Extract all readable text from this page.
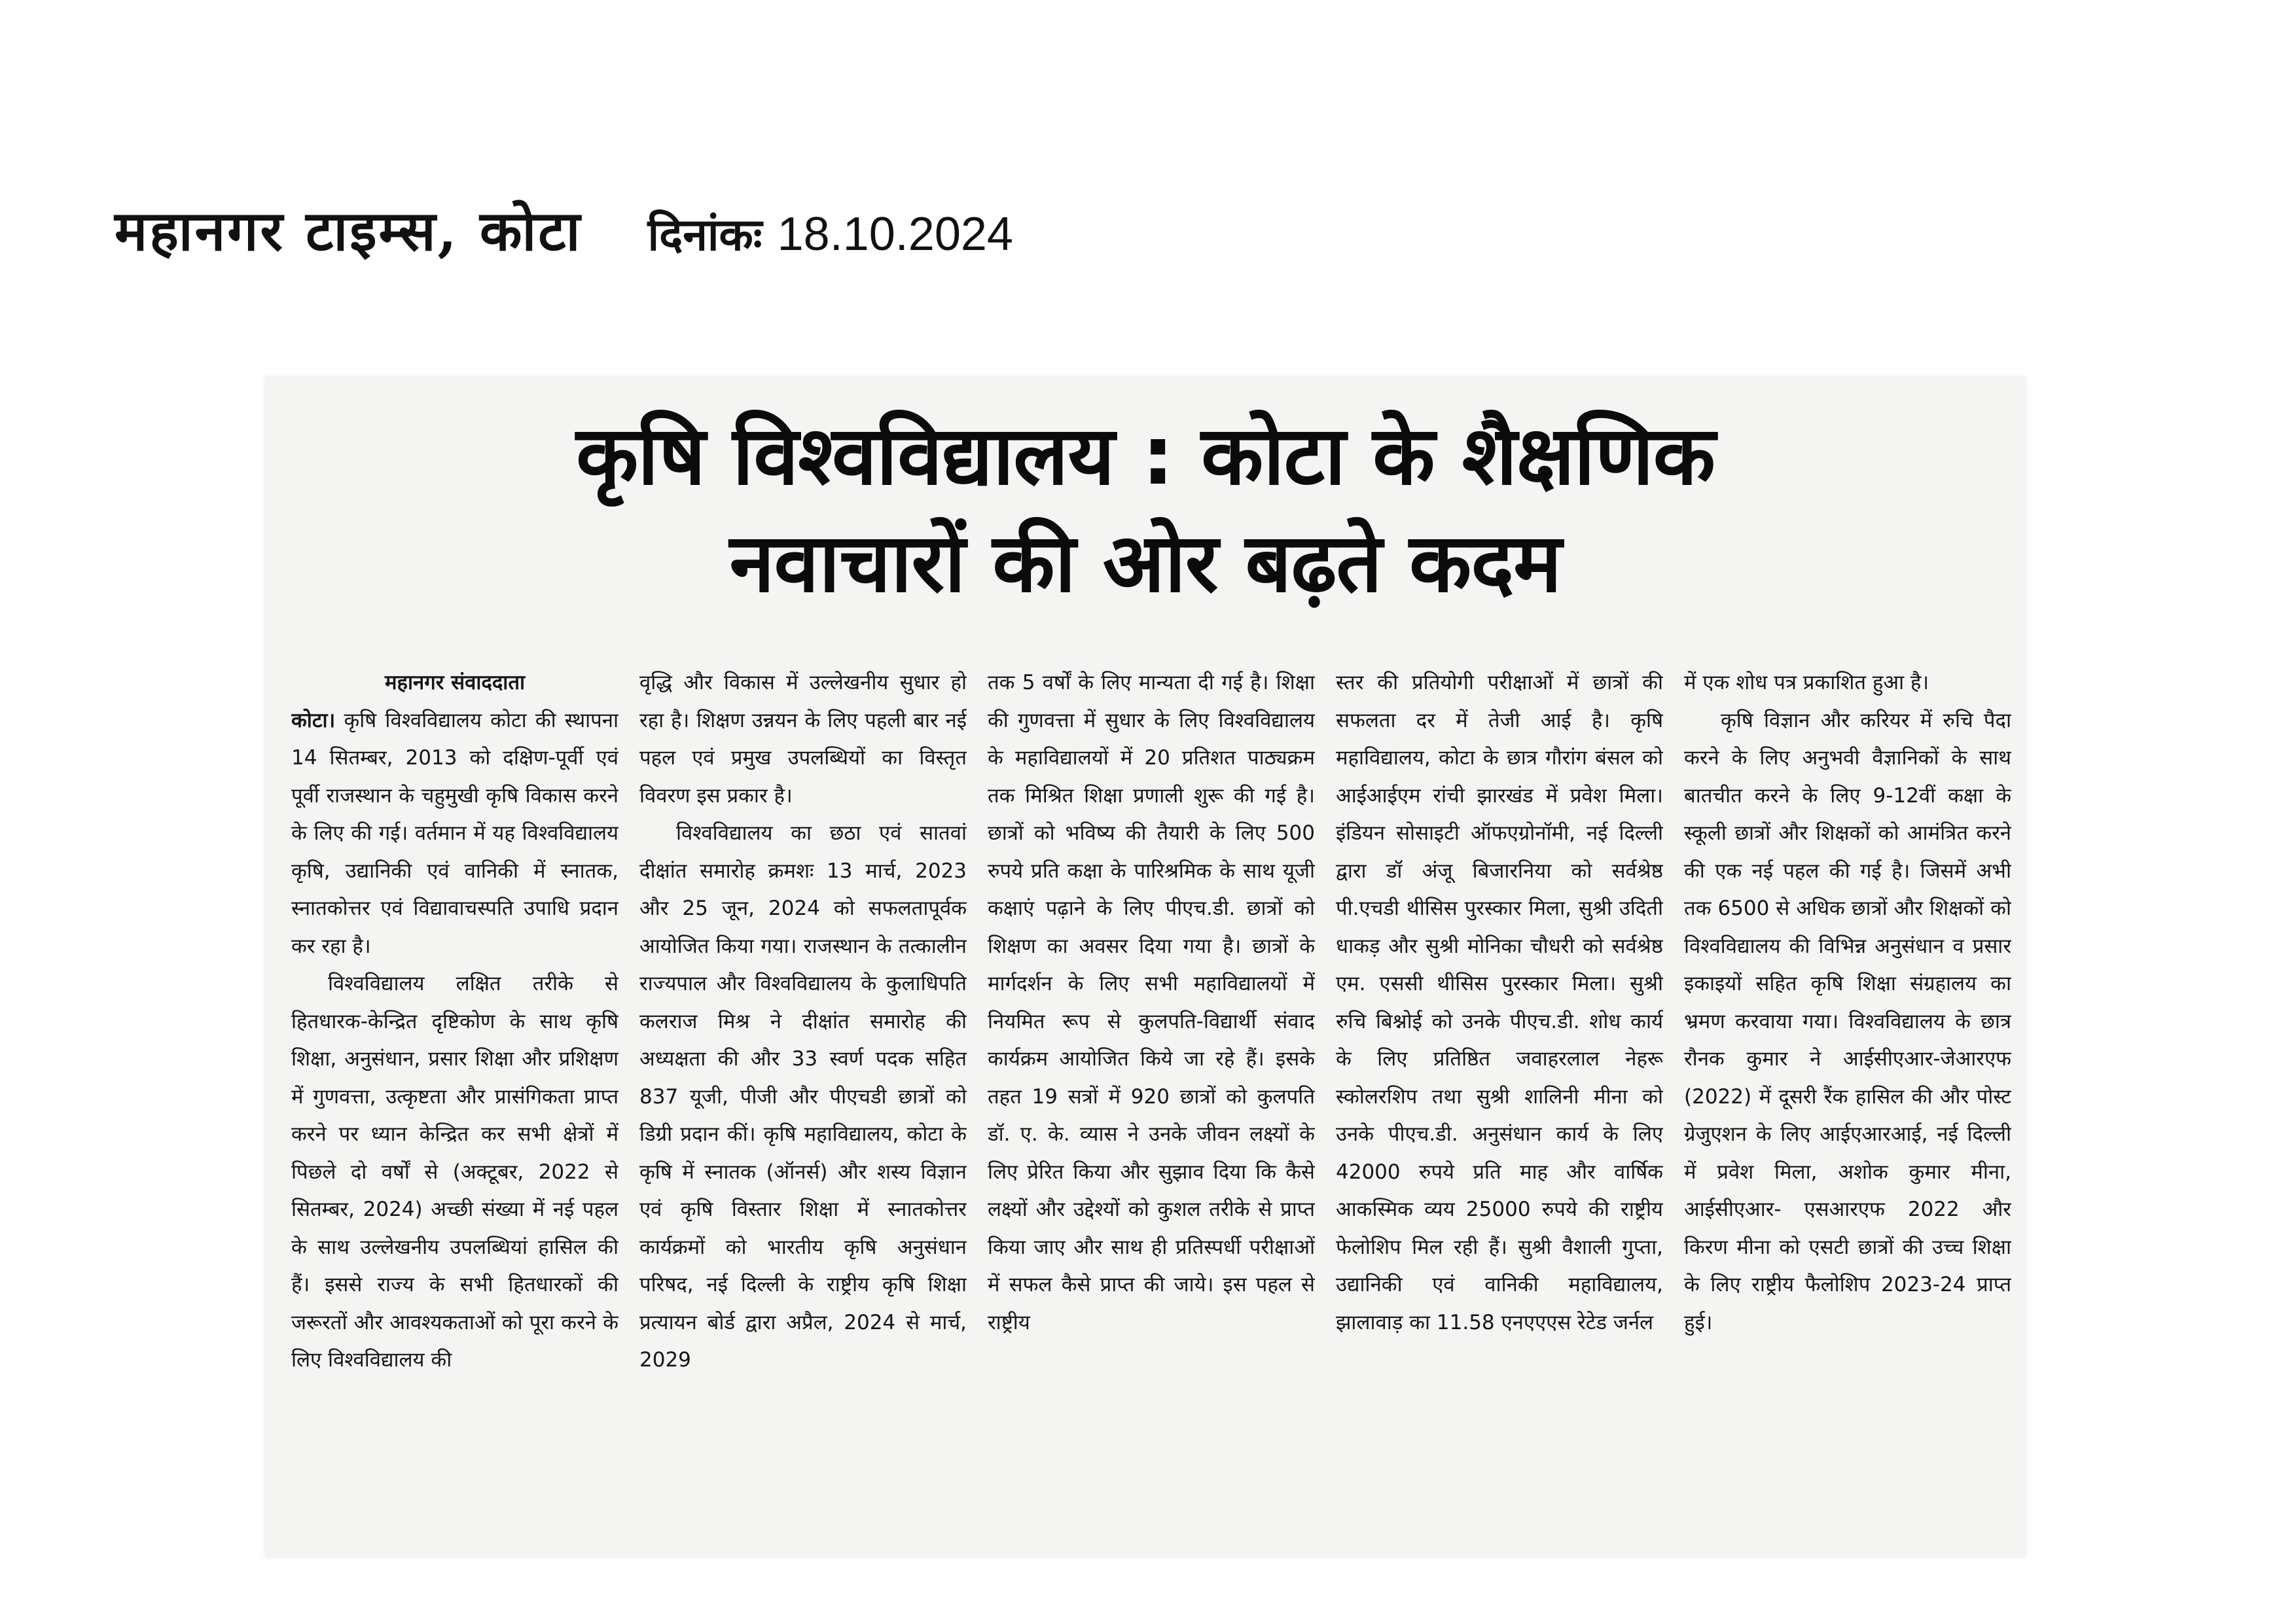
महानगर टाइम्स, कोटा दिनांकः 18.10.2024
कृषि विश्वविद्यालय : कोटा के शैक्षणिक
नवाचारों की ओर बढ़ते कदम

महानगर संवाददाता

कोटा। कृषि विश्वविद्यालय कोटा की स्थापना 14 सितम्बर, 2013 को दक्षिण-पूर्वी एवं पूर्वी राजस्थान के चहुमुखी कृषि विकास करने के लिए की गई। वर्तमान में यह विश्वविद्यालय कृषि, उद्यानिकी एवं वानिकी में स्नातक, स्नातकोत्तर एवं विद्यावाचस्पति उपाधि प्रदान कर रहा है।

विश्वविद्यालय लक्षित तरीके से हितधारक-केन्द्रित दृष्टिकोण के साथ कृषि शिक्षा, अनुसंधान, प्रसार शिक्षा और प्रशिक्षण में गुणवत्ता, उत्कृष्टता और प्रासंगिकता प्राप्त करने पर ध्यान केन्द्रित कर सभी क्षेत्रों में पिछले दो वर्षों से (अक्टूबर, 2022 से सितम्बर, 2024) अच्छी संख्या में नई पहल के साथ उल्लेखनीय उपलब्धियां हासिल की हैं। इससे राज्य के सभी हितधारकों की जरूरतों और आवश्यकताओं को पूरा करने के लिए विश्वविद्यालय की

वृद्धि और विकास में उल्लेखनीय सुधार हो रहा है। शिक्षण उन्नयन के लिए पहली बार नई पहल एवं प्रमुख उपलब्धियों का विस्तृत विवरण इस प्रकार है।

विश्वविद्यालय का छठा एवं सातवां दीक्षांत समारोह क्रमशः 13 मार्च, 2023 और 25 जून, 2024 को सफलतापूर्वक आयोजित किया गया। राजस्थान के तत्कालीन राज्यपाल और विश्वविद्यालय के कुलाधिपति कलराज मिश्र ने दीक्षांत समारोह की अध्यक्षता की और 33 स्वर्ण पदक सहित 837 यूजी, पीजी और पीएचडी छात्रों को डिग्री प्रदान कीं। कृषि महाविद्यालय, कोटा के कृषि में स्नातक (ऑनर्स) और शस्य विज्ञान एवं कृषि विस्तार शिक्षा में स्नातकोत्तर कार्यक्रमों को भारतीय कृषि अनुसंधान परिषद, नई दिल्ली के राष्ट्रीय कृषि शिक्षा प्रत्यायन बोर्ड द्वारा अप्रैल, 2024 से मार्च, 2029

तक 5 वर्षों के लिए मान्यता दी गई है। शिक्षा की गुणवत्ता में सुधार के लिए विश्वविद्यालय के महाविद्यालयों में 20 प्रतिशत पाठ्यक्रम तक मिश्रित शिक्षा प्रणाली शुरू की गई है। छात्रों को भविष्य की तैयारी के लिए 500 रुपये प्रति कक्षा के पारिश्रमिक के साथ यूजी कक्षाएं पढ़ाने के लिए पीएच.डी. छात्रों को शिक्षण का अवसर दिया गया है। छात्रों के मार्गदर्शन के लिए सभी महाविद्यालयों में नियमित रूप से कुलपति-विद्यार्थी संवाद कार्यक्रम आयोजित किये जा रहे हैं। इसके तहत 19 सत्रों में 920 छात्रों को कुलपति डॉ. ए. के. व्यास ने उनके जीवन लक्ष्यों के लिए प्रेरित किया और सुझाव दिया कि कैसे लक्ष्यों और उद्देश्यों को कुशल तरीके से प्राप्त किया जाए और साथ ही प्रतिस्पर्धी परीक्षाओं में सफल कैसे प्राप्त की जाये। इस पहल से राष्ट्रीय

स्तर की प्रतियोगी परीक्षाओं में छात्रों की सफलता दर में तेजी आई है। कृषि महाविद्यालय, कोटा के छात्र गौरांग बंसल को आईआईएम रांची झारखंड में प्रवेश मिला। इंडियन सोसाइटी ऑफएग्रोनॉमी, नई दिल्ली द्वारा डॉ अंजू बिजारनिया को सर्वश्रेष्ठ पी.एचडी थीसिस पुरस्कार मिला, सुश्री उदिती धाकड़ और सुश्री मोनिका चौधरी को सर्वश्रेष्ठ एम. एससी थीसिस पुरस्कार मिला। सुश्री रुचि बिश्नोई को उनके पीएच.डी. शोध कार्य के लिए प्रतिष्ठित जवाहरलाल नेहरू स्कोलरशिप तथा सुश्री शालिनी मीना को उनके पीएच.डी. अनुसंधान कार्य के लिए 42000 रुपये प्रति माह और वार्षिक आकस्मिक व्यय 25000 रुपये की राष्ट्रीय फेलोशिप मिल रही हैं। सुश्री वैशाली गुप्ता, उद्यानिकी एवं वानिकी महाविद्यालय, झालावाड़ का 11.58 एनएएएस रेटेड जर्नल

में एक शोध पत्र प्रकाशित हुआ है।

कृषि विज्ञान और करियर में रुचि पैदा करने के लिए अनुभवी वैज्ञानिकों के साथ बातचीत करने के लिए 9-12वीं कक्षा के स्कूली छात्रों और शिक्षकों को आमंत्रित करने की एक नई पहल की गई है। जिसमें अभी तक 6500 से अधिक छात्रों और शिक्षकों को विश्वविद्यालय की विभिन्न अनुसंधान व प्रसार इकाइयों सहित कृषि शिक्षा संग्रहालय का भ्रमण करवाया गया। विश्वविद्यालय के छात्र रौनक कुमार ने आईसीएआर-जेआरएफ (2022) में दूसरी रैंक हासिल की और पोस्ट ग्रेजुएशन के लिए आईएआरआई, नई दिल्ली में प्रवेश मिला, अशोक कुमार मीना, आईसीएआर- एसआरएफ 2022 और किरण मीना को एसटी छात्रों की उच्च शिक्षा के लिए राष्ट्रीय फैलोशिप 2023-24 प्राप्त हुई।
